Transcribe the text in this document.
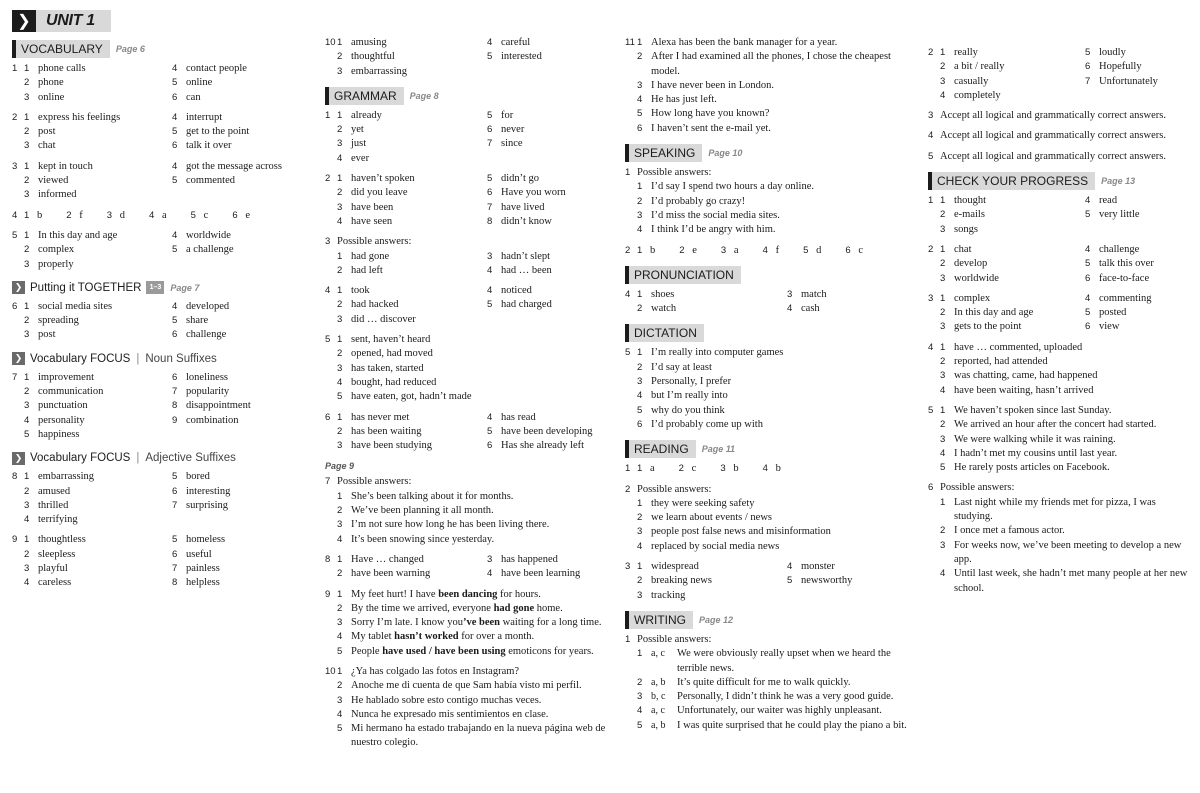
❯ UNIT 1
VOCABULARY	Page 6
1 1 phone calls	4 contact people
2 phone	5 online
3 online	6 can
2 1 express his feelings	4 interrupt
2 post	5 get to the point
3 chat	6 talk it over
3 1 kept in touch	4 got the message across
2 viewed	5 commented
3 informed
4 1 b	2 f	3 d	4 a	5 c	6 e
5 1 In this day and age	4 worldwide
2 complex	5 a challenge
3 properly
❯ Putting it TOGETHER	1–3	Page 7
6 1 social media sites	4 developed
2 spreading	5 share
3 post	6 challenge
❯ Vocabulary FOCUS | Noun Suffixes
7 1 improvement	6 loneliness
2 communication	7 popularity
3 punctuation	8 disappointment
4 personality	9 combination
5 happiness
❯ Vocabulary FOCUS | Adjective Suffixes
8 1 embarrassing	5 bored
2 amused	6 interesting
3 thrilled	7 surprising
4 terrifying
9 1 thoughtless	5 homeless
2 sleepless	6 useful
3 playful	7 painless
4 careless	8 helpless
10 1 amusing	4 careful
2 thoughtful	5 interested
3 embarrassing
GRAMMAR	Page 8
1 1 already	5 for
2 yet	6 never
3 just	7 since
4 ever
2 1 haven’t spoken	5 didn’t go
2 did you leave	6 Have you worn
3 have been	7 have lived
4 have seen	8 didn’t know
3 Possible answers:
1 had gone	3 hadn’t slept
2 had left	4 had … been
4 1 took	4 noticed
2 had hacked	5 had charged
3 did … discover
5 1 sent, haven’t heard
2 opened, had moved
3 has taken, started
4 bought, had reduced
5 have eaten, got, hadn’t made
6 1 has never met	4 has read
2 has been waiting	5 have been developing
3 have been studying	6 Has she already left
Page 9
7 Possible answers:
1 She’s been talking about it for months.
2 We’ve been planning it all month.
3 I’m not sure how long he has been living there.
4 It’s been snowing since yesterday.
8 1 Have … changed	3 has happened
2 have been warning	4 have been learning
9 1 My feet hurt! I have been dancing for hours.
2 By the time we arrived, everyone had gone home.
3 Sorry I’m late. I know you’ve been waiting for a long time.
4 My tablet hasn’t worked for over a month.
5 People have used / have been using emoticons for years.
10 1 ¿Ya has colgado las fotos en Instagram?
2 Anoche me di cuenta de que Sam había visto mi perfil.
3 He hablado sobre esto contigo muchas veces.
4 Nunca he expresado mis sentimientos en clase.
5 Mi hermano ha estado trabajando en la nueva página web de nuestro colegio.
11 1 Alexa has been the bank manager for a year.
2 After I had examined all the phones, I chose the cheapest model.
3 I have never been in London.
4 He has just left.
5 How long have you known?
6 I haven’t sent the e-mail yet.
SPEAKING	Page 10
1 Possible answers:
1 I’d say I spend two hours a day online.
2 I’d probably go crazy!
3 I’d miss the social media sites.
4 I think I’d be angry with him.
2 1 b	2 e	3 a	4 f	5 d	6 c
PRONUNCIATION
4 1 shoes	3 match
2 watch	4 cash
DICTATION
5 1 I’m really into computer games
2 I’d say at least
3 Personally, I prefer
4 but I’m really into
5 why do you think
6 I’d probably come up with
READING	Page 11
1 1 a	2 c	3 b	4 b
2 Possible answers:
1 they were seeking safety
2 we learn about events / news
3 people post false news and misinformation
4 replaced by social media news
3 1 widespread	4 monster
2 breaking news	5 newsworthy
3 tracking
WRITING	Page 12
1 Possible answers:
1 a, c	We were obviously really upset when we heard the terrible news.
2 a, b	It’s quite difficult for me to walk quickly.
3 b, c	Personally, I didn’t think he was a very good guide.
4 a, c	Unfortunately, our waiter was highly unpleasant.
5 a, b	I was quite surprised that he could play the piano a bit.
2 1 really	5 loudly
2 a bit / really	6 Hopefully
3 casually	7 Unfortunately
4 completely
3 Accept all logical and grammatically correct answers.
4 Accept all logical and grammatically correct answers.
5 Accept all logical and grammatically correct answers.
CHECK YOUR PROGRESS	Page 13
1 1 thought	4 read
2 e-mails	5 very little
3 songs
2 1 chat	4 challenge
2 develop	5 talk this over
3 worldwide	6 face-to-face
3 1 complex	4 commenting
2 In this day and age	5 posted
3 gets to the point	6 view
4 1 have … commented, uploaded
2 reported, had attended
3 was chatting, came, had happened
4 have been waiting, hasn’t arrived
5 1 We haven’t spoken since last Sunday.
2 We arrived an hour after the concert had started.
3 We were walking while it was raining.
4 I hadn’t met my cousins until last year.
5 He rarely posts articles on Facebook.
6 Possible answers:
1 Last night while my friends met for pizza, I was studying.
2 I once met a famous actor.
3 For weeks now, we’ve been meeting to develop a new app.
4 Until last week, she hadn’t met many people at her new school.
